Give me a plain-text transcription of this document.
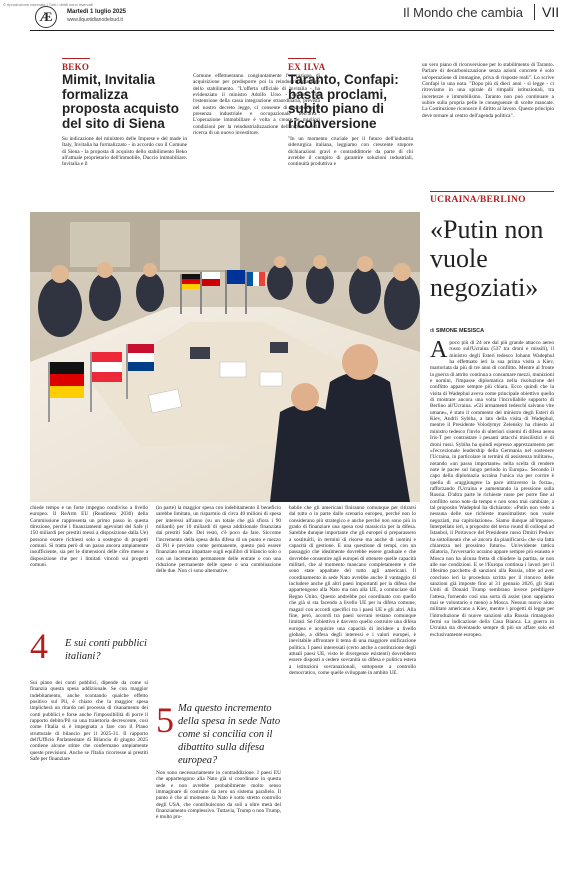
© riproduzione riservata | Tutti i diritti sono riservati
Æ	Martedì 1 luglio 2025
www.ilquotidianodelsud.it	Il Mondo che cambia	VII
BEKO
Mimit, Invitalia formalizza proposta acquisto del sito di Siena
Su indicazione del ministero delle Imprese e del made in Italy, Invitalia ha formalizzato - in accordo con il Comune di Siena - la proposta di acquisto dello stabilimento Beko all'attuale proprietario dell'immobile, Duccio immobiliare. Invitalia e il
Comune effettueranno congiuntamente l'operazione di acquisizione per predisporre poi la reindustrializzazione dello stabilimento. "L'offerta ufficiale di Invitalia - ha evidenziato il ministro Adolfo Urso - insieme con l'estensione della cassa integrazione straordinaria, prevista nel nostro decreto legge, ci consente di mantenere la presenza industriale e occupazionale nell'area". L'operazione immobiliare è volta a creare le migliori condizioni per la reindustrializzazione dell'impianto e la ricerca di un nuovo investitore.
EX ILVA
Taranto, Confapi: basta proclami, subito piano di riconversione
"In un momento cruciale per il futuro dell'industria siderurgica italiana, leggiamo con crescente stupore dichiarazioni gravi e contraddittorie da parte di chi avrebbe il compito di garantire soluzioni industriali, continuità produttiva e
un vero piano di riconversione per lo stabilimento di Taranto. Parlare di decarbonizzazione senza azioni concrete è solo un'operazione di immagine, priva di risposte reali". Lo scrive Confapi in una nota. "Dopo più di dieci anni - si legge - ci ritroviamo in una spirale di rimpalli istituzionali, tra incertezze e immobilismo. Taranto non può continuare a subire sulla propria pelle le conseguenze di scelte mancate. La Costituzione riconosce il diritto al lavoro. Questo principio deve tornare al centro dell'agenda politica".
chiede tempo e un forte impegno condiviso a livello europeo. Il ReArm EU (Readiness 2030) della Commissione rappresenta un primo passo in questa direzione, perché i finanziamenti agevolati del Safe (i 150 miliardi per prestiti messi a disposizione dalla Ue) possono essere richiesti solo a sostegno di progetti comuni. Si tratta però di un passo ancora ampiamente insufficiente, sia per le dimensioni delle cifre messe a disposizione che per i limitati vincoli sui progetti comuni.
4 E sui conti pubblici italiani?
Sui piano dei conti pubblici, dipende da come si finanzia questa spesa addizionale. Se con maggior indebitamento, anche scontando qualche effetto positivo sul Pil, è chiaro che la maggior spesa implicherà un ritardo nel processo di risanamento dei conti pubblici e forse anche l'impossibilità di porre il rapporto debito/Pil su una traiettoria decrescente, così come l'Italia si è impegnata a fare con il Piano strutturale di bilancio per il 2025-31. Il rapporto dell'Ufficio Parlamentare di Bilancio di giugno 2025 contiene alcune stime che confermano ampiamente queste previsioni. Anche se l'Italia ricorresse ai prestiti Safe per finanziare
(in parte) la maggior spesa con indebitamento il beneficio sarebbe limitato, un risparmio di circa 40 milioni di spesa per interessi all'anno (su un totale che già sfiora i 90 miliardi) per 10 miliardi di spesa addizionale finanziata dai prestiti Safe. Del resto, c'è poco da fare. Siccome l'incremento della spesa della difesa di un punto e mezzo di Pil è previsto come permanente, questo può essere finanziato senza impattare sugli equilibri di bilancio solo o con un incremento permanente delle entrate o con una riduzione permanente delle spese o una combinazione delle due. Non ci sono alternative.
5 Ma questo incremento della spesa in sede Nato come si concilia con il dibattito sulla difesa europea?
Non sono necessariamente in contraddizione. I paesi EU che appartengono alla Nato già si coordinano in questa sede e non avrebbe probabilmente molto senso immaginare di costruire da zero un sistema parallelo. Il punto è che al momento la Nato è sotto stretto controllo degli USA, che contribuiscono da soli a oltre metà del finanziamento complessivo. Tuttavia, Trump o non Trump, è molto pro-
babile che gli americani finiranno comunque per ritirarsi dal tutto o in parte dallo scenario europeo, perché non lo considerano più strategico e anche perché non sono più in grado di finanziare una spesa così massiccia per la difesa. Sarebbe dunque importante che gli europei si preparassero a sostituirli, in termini di risorse ma anche di uomini e capacità di gestione. E una questione di tempi, con un passaggio che idealmente dovrebbe essere graduale e che dovrebbe consentire agli europei di ottenere quelle capacità militari, che al momento mancano completamente e che sono state appaltate del tutto agli americani. Il coordinamento in sede Nato avrebbe anche il vantaggio di includere anche gli altri paesi importanti per la difesa che appartengono alla Nato ma non alla UE, a cominciare dal Regno Unito. Questo andrebbe poi coordinato con quello che già si sta facendo a livello UE per la difesa comune, magari con accordi specifici tra i paesi UE e gli altri. Alla fine, però, accordi tra paesi sovrani restano comunque limitati. Se l'obiettivo è davvero quello costruire una difesa europea e acquisire una capacità di incidere a livello globale, a difesa degli interessi e i valori europei, è inevitabile affrontare il tema di una maggiore unificazione politica. I paesi interessati (certo anche a costituzione degli attuali paesi UE, visto le divergenze esistenti) dovrebbero essere disposti a cedere sovranità su difesa e politica estera a istituzioni sovranazionali, sottoposte a controllo democratico, come quelle sviluppate in ambito UE.
UCRAINA/BERLINO
«Putin non vuole negoziati»
di SIMONE MESISCA
A poco più di 24 ore dal più grande attacco aereo russo sull'Ucraina (537 tra droni e missili), il ministro degli Esteri tedesco Johann Wadephul ha effettuato ieri la sua prima visita a Kiev, martoriata da più di tre anni di conflitto. Mentre al fronte la guerra di attrito continua a consumare mezzi, munizioni e uomini, l'impasse diplomatica nella risoluzione del conflitto appare sempre più chiara. Ecco quindi che la visita di Wadephul aveva come principale obiettivo quello di mostrare ancora una volta l'incrollabile supporto di Berlino all'Ucraina. «Gli armamenti tedeschi salvano vite umane», è stato il commento del ministro degli Esteri di Kiev, Andrii Sybiha, a lato della visita di Wadephul, mentre il Presidente Volodymyr Zelensky ha chiesto al ministro tedesco l'invio di ulteriori sistemi di difesa aerea Iris-T per contrastare i pesanti attacchi missilistici e di droni russi. Sybiha ha quindi espresso apprezzamento per «l'eccezionale leadership della Germania nel sostenere l'Ucraina, in particolare in termini di assistenza militare», notando «un passo importante» nella scelta di rendere note le pacee sul lungo periodo in Europa». Secondo il capo della diplomazia ucraina l'unica via per corrire è quella di «raggiungere la pace attraverso la forza», rafforzando l'Ucraina e aumentando la pressione sulla Russia. D'altra parte le richieste russe per porre fine al conflitto sono note da tempo e non sono mai cambiate, a tal proposito Wadephul ha dichiarato: «Putin non vede a nessuna delle sue richieste massimaliste: non vuole negoziati, ma capitolazione». Siamo dunque all'impasse. Interpellato ieri, a proposito del terzo round di colloqui ad Istanbul, il Portavoce del Presidente russo Dmitri Peskov ha sottolineato che «è ancora da pianificarsi» che sia fatta chiarezza nel prossimo futuro». Un'evidente tattica dilatoria, l'avversario ucraino appare sempre più esausto e Mosca non ha alcuna fretta di chiudere la partita, se non alle sue condizioni. E se l'Europa continua i lavori per il 18esimo pacchetto di sanzioni alla Russia, oltre ad aver concluso ieri la procedura scritta per il rinnovo delle sanzioni già imposte fino al 31 gennaio 2026, gli Stati Uniti di Donald Trump sembrano invece prediligere l'attesa, fornendo così una sorta di assist (non sappiamo mai se volontario o meno) a Mosca. Nessun nuovo aiuto militare americano a Kiev, mentre i progetti di legge per l'introduzione di nuove sanzioni alla Russia rimangono fermi su indicazione della Casa Bianca. La guerra in Ucraina sta diventando sempre di più un affare solo ed esclusivamente europeo.
